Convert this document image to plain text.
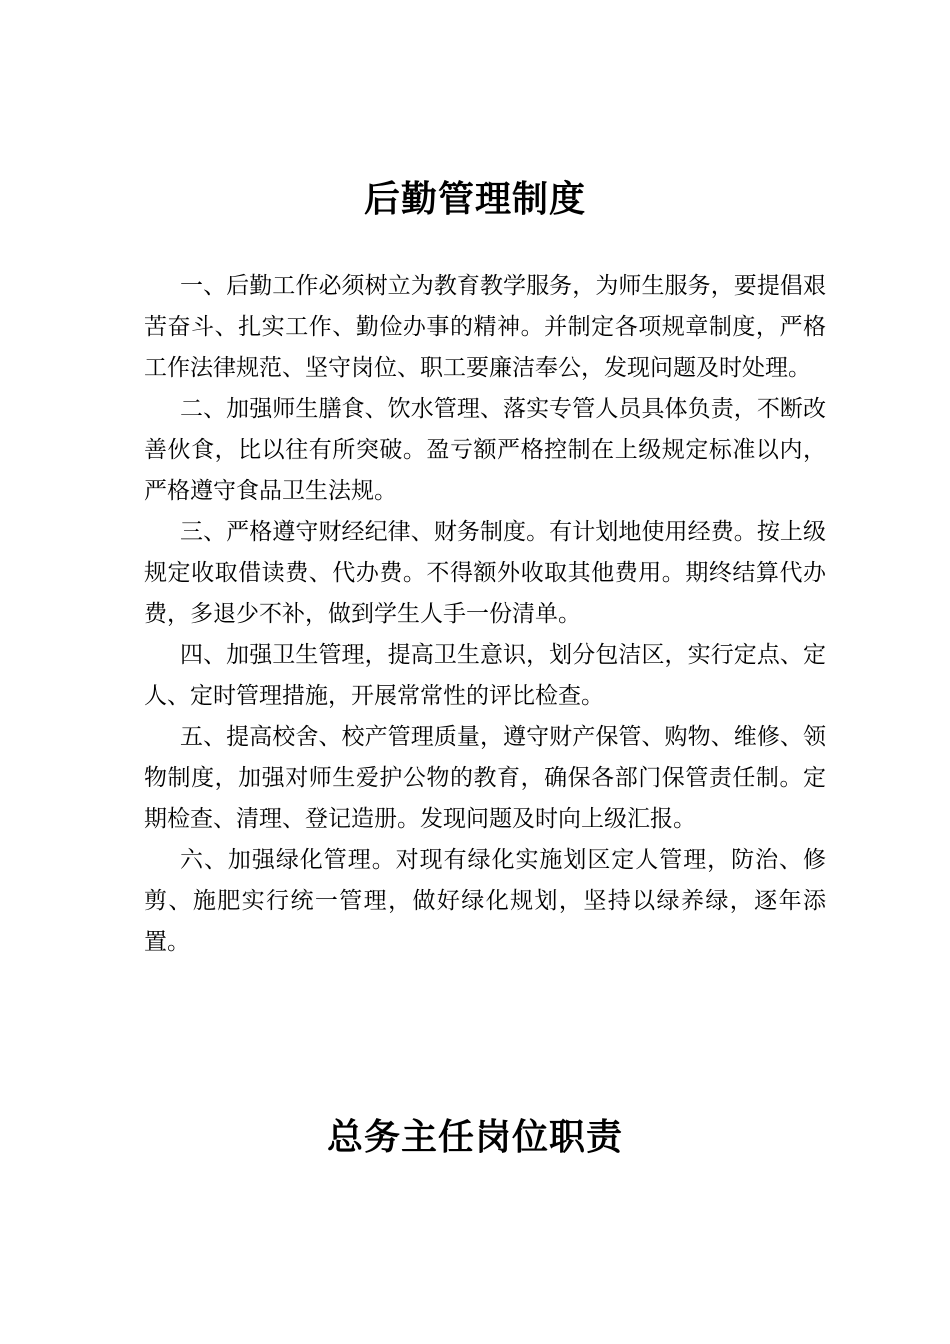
后勤管理制度

一、后勤工作必须树立为教育教学服务，为师生服务，要提倡艰苦奋斗、扎实工作、勤俭办事的精神。并制定各项规章制度，严格工作法律规范、坚守岗位、职工要廉洁奉公，发现问题及时处理。

二、加强师生膳食、饮水管理、落实专管人员具体负责，不断改善伙食，比以往有所突破。盈亏额严格控制在上级规定标准以内，严格遵守食品卫生法规。

三、严格遵守财经纪律、财务制度。有计划地使用经费。按上级规定收取借读费、代办费。不得额外收取其他费用。期终结算代办费，多退少不补，做到学生人手一份清单。

四、加强卫生管理，提高卫生意识，划分包洁区，实行定点、定人、定时管理措施，开展常常性的评比检查。

五、提高校舍、校产管理质量，遵守财产保管、购物、维修、领物制度，加强对师生爱护公物的教育，确保各部门保管责任制。定期检查、清理、登记造册。发现问题及时向上级汇报。

六、加强绿化管理。对现有绿化实施划区定人管理，防治、修剪、施肥实行统一管理，做好绿化规划，坚持以绿养绿，逐年添置。

总务主任岗位职责
